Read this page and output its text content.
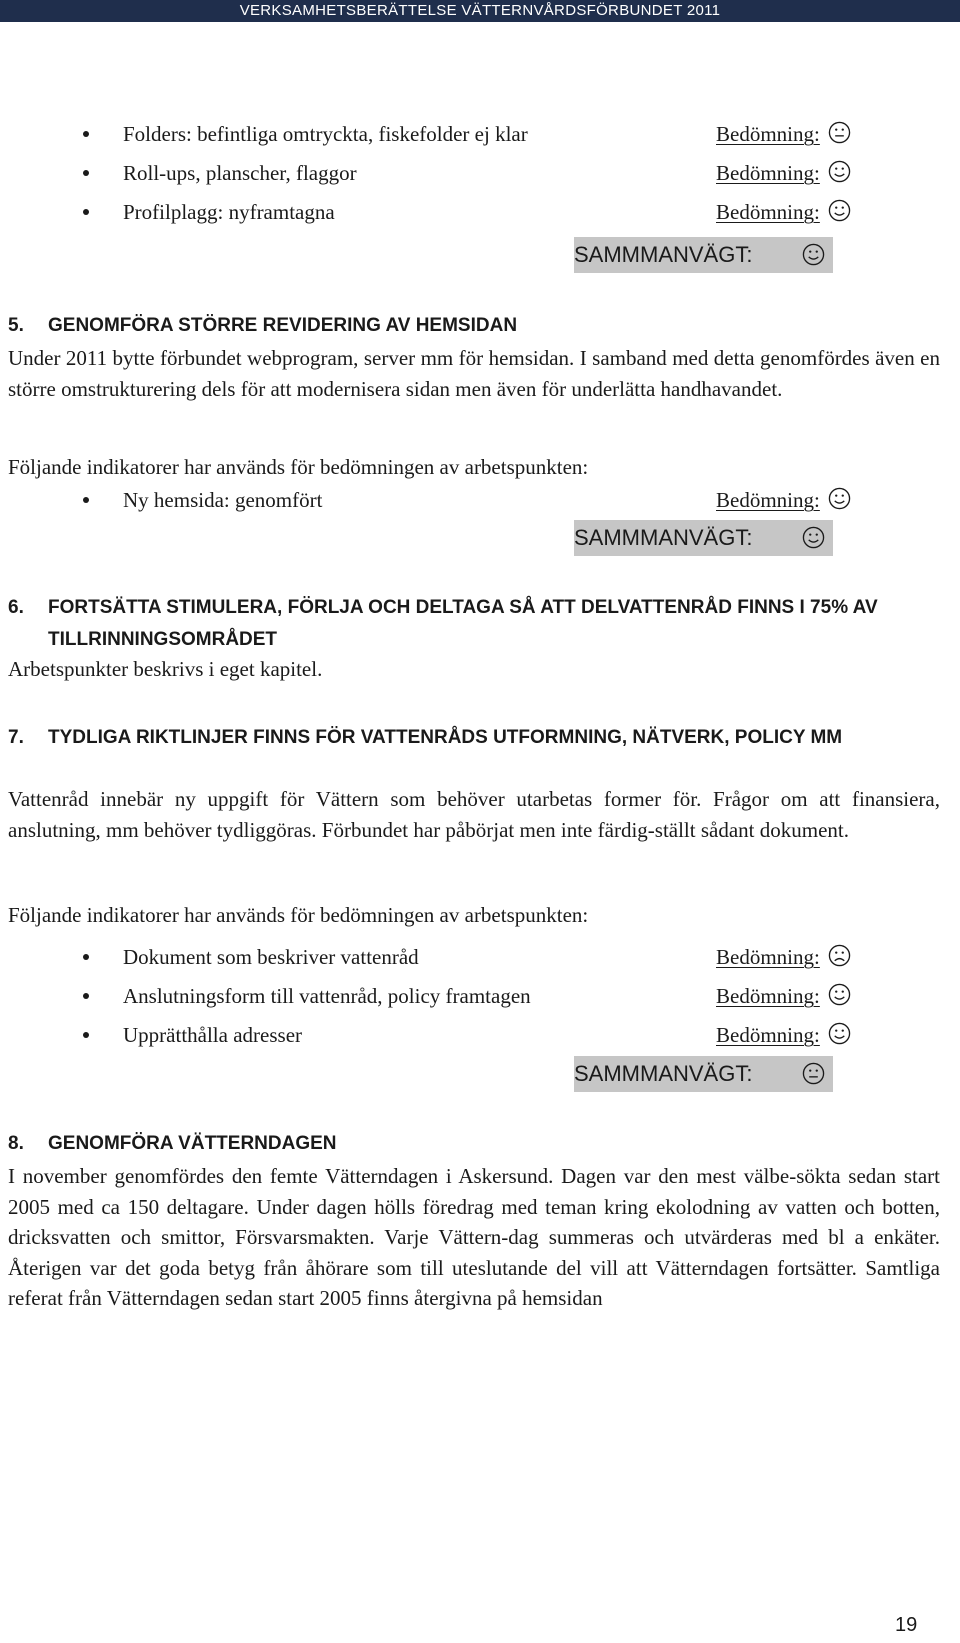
VERKSAMHETSBERÄTTELSE VÄTTERNVÅRDSFÖRBUNDET 2011
Folders: befintliga omtryckta, fiskefolder ej klar	Bedömning:
Roll-ups, planscher, flaggor	Bedömning:
Profilplagg: nyframtagna	Bedömning:
SAMMMANVÄGT:
5. GENOMFÖRA STÖRRE REVIDERING AV HEMSIDAN
Under 2011 bytte förbundet webprogram, server mm för hemsidan. I samband med detta genomfördes även en större omstrukturering dels för att modernisera sidan men även för underlätta handhavandet.
Följande indikatorer har används för bedömningen av arbetspunkten:
Ny hemsida: genomfört	Bedömning:
SAMMMANVÄGT:
6. FORTSÄTTA STIMULERA, FÖRLJA OCH DELTAGA SÅ ATT DELVATTENRÅD FINNS I 75% AV TILLRINNINGSOMRÅDET
Arbetspunkter beskrivs i eget kapitel.
7. TYDLIGA RIKTLINJER FINNS FÖR VATTENRÅDS UTFORMNING, NÄTVERK, POLICY MM
Vattenråd innebär ny uppgift för Vättern som behöver utarbetas former för. Frågor om att finansiera, anslutning, mm behöver tydliggöras. Förbundet har påbörjat men inte färdig-ställt sådant dokument.
Följande indikatorer har används för bedömningen av arbetspunkten:
Dokument som beskriver vattenråd	Bedömning:
Anslutningsform till vattenråd, policy framtagen	Bedömning:
Upprätthålla adresser	Bedömning:
SAMMMANVÄGT:
8. GENOMFÖRA VÄTTERNDAGEN
I november genomfördes den femte Vätterndagen i Askersund. Dagen var den mest välbe-sökta sedan start 2005 med ca 150 deltagare. Under dagen hölls föredrag med teman kring ekolodning av vatten och botten, dricksvatten och smittor, Försvarsmakten. Varje Vättern-dag summeras och utvärderas med bl a enkäter. Återigen var det goda betyg från åhörare som till uteslutande del vill att Vätterndagen fortsätter. Samtliga referat från Vätterndagen sedan start 2005 finns återgivna på hemsidan
19
